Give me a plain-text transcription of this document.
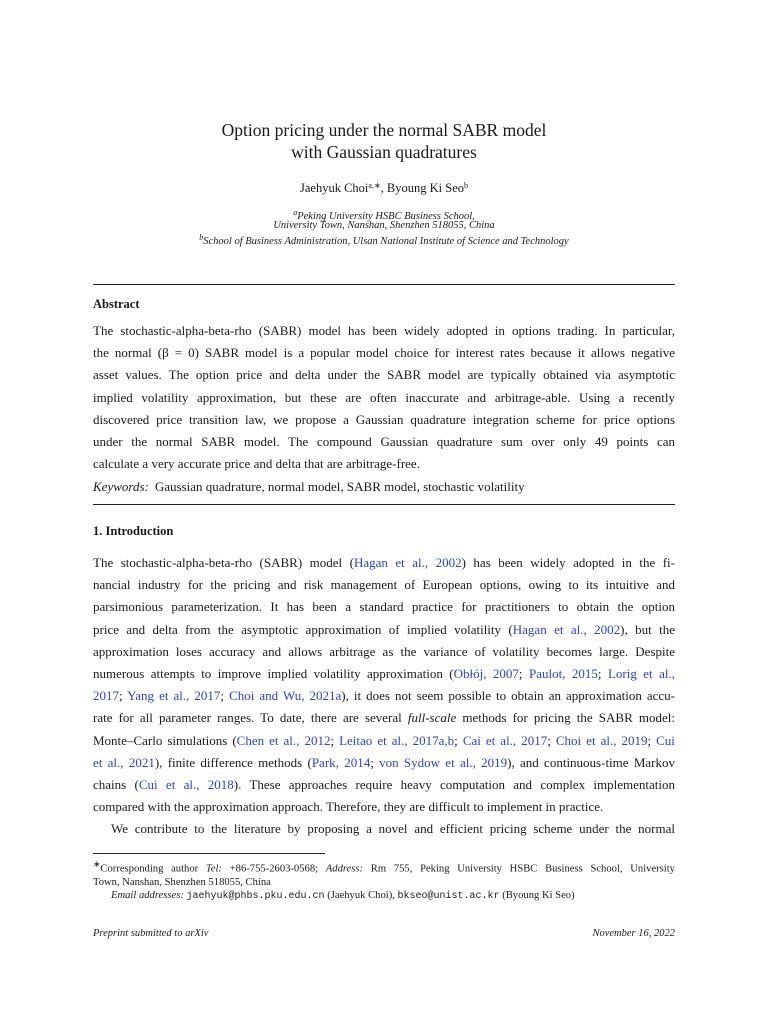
Option pricing under the normal SABR model
with Gaussian quadratures
Jaehyuk Choi$^{a,∗}$, Byoung Ki Seo$^b$
$^a$Peking University HSBC Business School,
University Town, Nanshan, Shenzhen 518055, China
$^b$School of Business Administration, Ulsan National Institute of Science and Technology
Abstract
The stochastic-alpha-beta-rho (SABR) model has been widely adopted in options trading. In particular,
the normal (β = 0) SABR model is a popular model choice for interest rates because it allows negative
asset values. The option price and delta under the SABR model are typically obtained via asymptotic
implied volatility approximation, but these are often inaccurate and arbitrage-able. Using a recently
discovered price transition law, we propose a Gaussian quadrature integration scheme for price options
under the normal SABR model. The compound Gaussian quadrature sum over only 49 points can
calculate a very accurate price and delta that are arbitrage-free.
Keywords: Gaussian quadrature, normal model, SABR model, stochastic volatility
1. Introduction
The stochastic-alpha-beta-rho (SABR) model (Hagan et al., 2002) has been widely adopted in the fi-
nancial industry for the pricing and risk management of European options, owing to its intuitive and
parsimonious parameterization. It has been a standard practice for practitioners to obtain the option
price and delta from the asymptotic approximation of implied volatility (Hagan et al., 2002), but the
approximation loses accuracy and allows arbitrage as the variance of volatility becomes large. Despite
numerous attempts to improve implied volatility approximation (Obłój, 2007; Paulot, 2015; Lorig et al.,
2017; Yang et al., 2017; Choi and Wu, 2021a), it does not seem possible to obtain an approximation accu-
rate for all parameter ranges. To date, there are several full-scale methods for pricing the SABR model:
Monte–Carlo simulations (Chen et al., 2012; Leitao et al., 2017a,b; Cai et al., 2017; Choi et al., 2019; Cui
et al., 2021), finite difference methods (Park, 2014; von Sydow et al., 2019), and continuous-time Markov
chains (Cui et al., 2018). These approaches require heavy computation and complex implementation
compared with the approximation approach. Therefore, they are difficult to implement in practice.
We contribute to the literature by proposing a novel and efficient pricing scheme under the normal
∗Corresponding author Tel: +86-755-2603-0568; Address: Rm 755, Peking University HSBC Business School, University
Town, Nanshan, Shenzhen 518055, China
Email addresses: jaehyuk@phbs.pku.edu.cn (Jaehyuk Choi), bkseo@unist.ac.kr (Byoung Ki Seo)
Preprint submitted to arXiv	November 16, 2022
